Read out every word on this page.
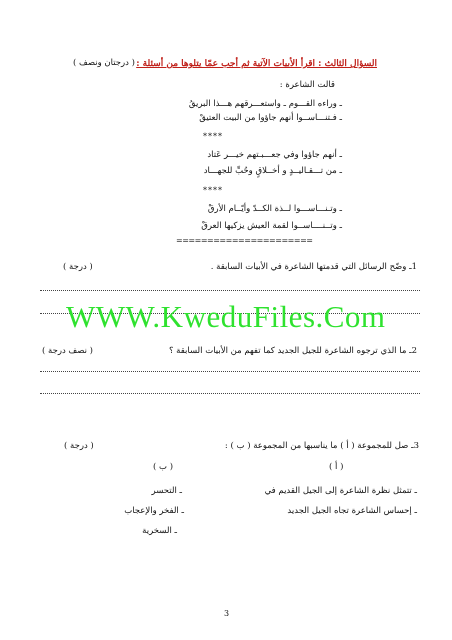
السؤال الثالث : اقرأ الأبيات الآتية ثم أجب عمّا يتلوها من أسئلة :
( درجتان ونصف )
قالت الشاعرة :
ـ وراءه القـــوم ـ واستعـــرقهم هـــذا البريقُ
ـ فـتنـــاســوا أنهم جاؤوا من البيت العتيقْ
****
ـ أنهم جاؤوا وفي جعـــبـتهم خيـــر عَتاد
ـ من تـــقـاليــدٍ و أخــلاقٍ وحُبِّ للجهـــاد
****
ـ وتـنـــاســـوا لــذة الكــدّ وأيّــام الأرقْ
ـ وتــنــــاســوا لقمة العيش يزكيها العرقْ
======================
1ـ وضّح الرسائل التي قدمتها الشاعرة في الأبيات السابقة .
( درجة )
WWW.KweduFiles.Com
2ـ ما الذي ترجوه الشاعرة للجيل الجديد كما تفهم من الأبيات السابقة ؟
( نصف درجة )
3ـ صل للمجموعة ( أ ) ما يناسبها من المجموعة ( ب ) :
( درجة )
( أ )
( ب )
ـ تتمثل نظرة الشاعرة إلى الجيل القديم في
ـ إحساس الشاعرة تجاه الجيل الجديد
ـ التحسر
ـ الفخر والإعجاب
ـ السخرية
3
